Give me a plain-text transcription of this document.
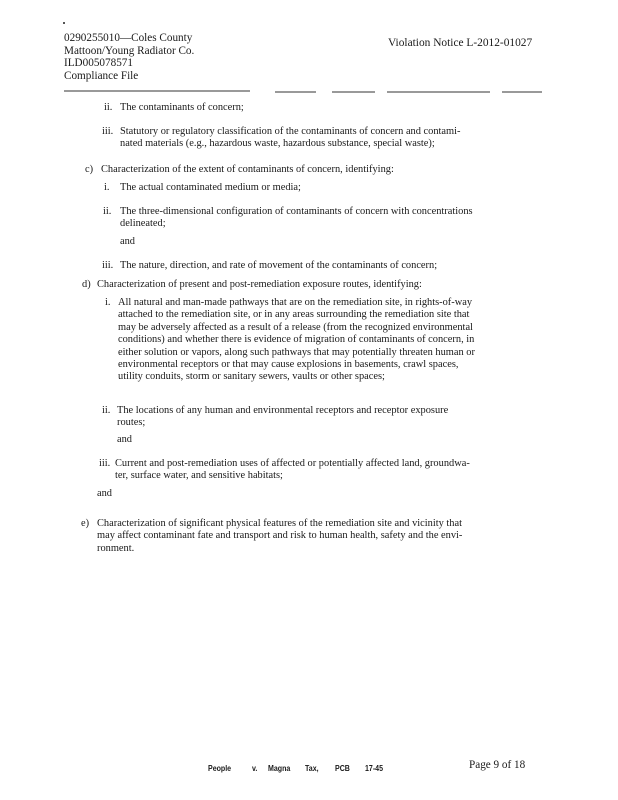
0290255010—Coles County
Mattoon/Young Radiator Co.
ILD005078571
Compliance File
Violation Notice L-2012-01027
ii. The contaminants of concern;
iii. Statutory or regulatory classification of the contaminants of concern and contami-
nated materials (e.g., hazardous waste, hazardous substance, special waste);
c) Characterization of the extent of contaminants of concern, identifying:
i. The actual contaminated medium or media;
ii. The three-dimensional configuration of contaminants of concern with concentrations
delineated;
and
iii. The nature, direction, and rate of movement of the contaminants of concern;
d) Characterization of present and post-remediation exposure routes, identifying:
i. All natural and man-made pathways that are on the remediation site, in rights-of-way
attached to the remediation site, or in any areas surrounding the remediation site that
may be adversely affected as a result of a release (from the recognized environmental
conditions) and whether there is evidence of migration of contaminants of concern, in
either solution or vapors, along such pathways that may potentially threaten human or
environmental receptors or that may cause explosions in basements, crawl spaces,
utility conduits, storm or sanitary sewers, vaults or other spaces;
ii. The locations of any human and environmental receptors and receptor exposure
routes;
and
iii. Current and post-remediation uses of affected or potentially affected land, groundwa-
ter, surface water, and sensitive habitats;
and
e) Characterization of significant physical features of the remediation site and vicinity that
may affect contaminant fate and transport and risk to human health, safety and the envi-
ronment.
People v. Magna Tax, PCB 17-45	Page 9 of 18
